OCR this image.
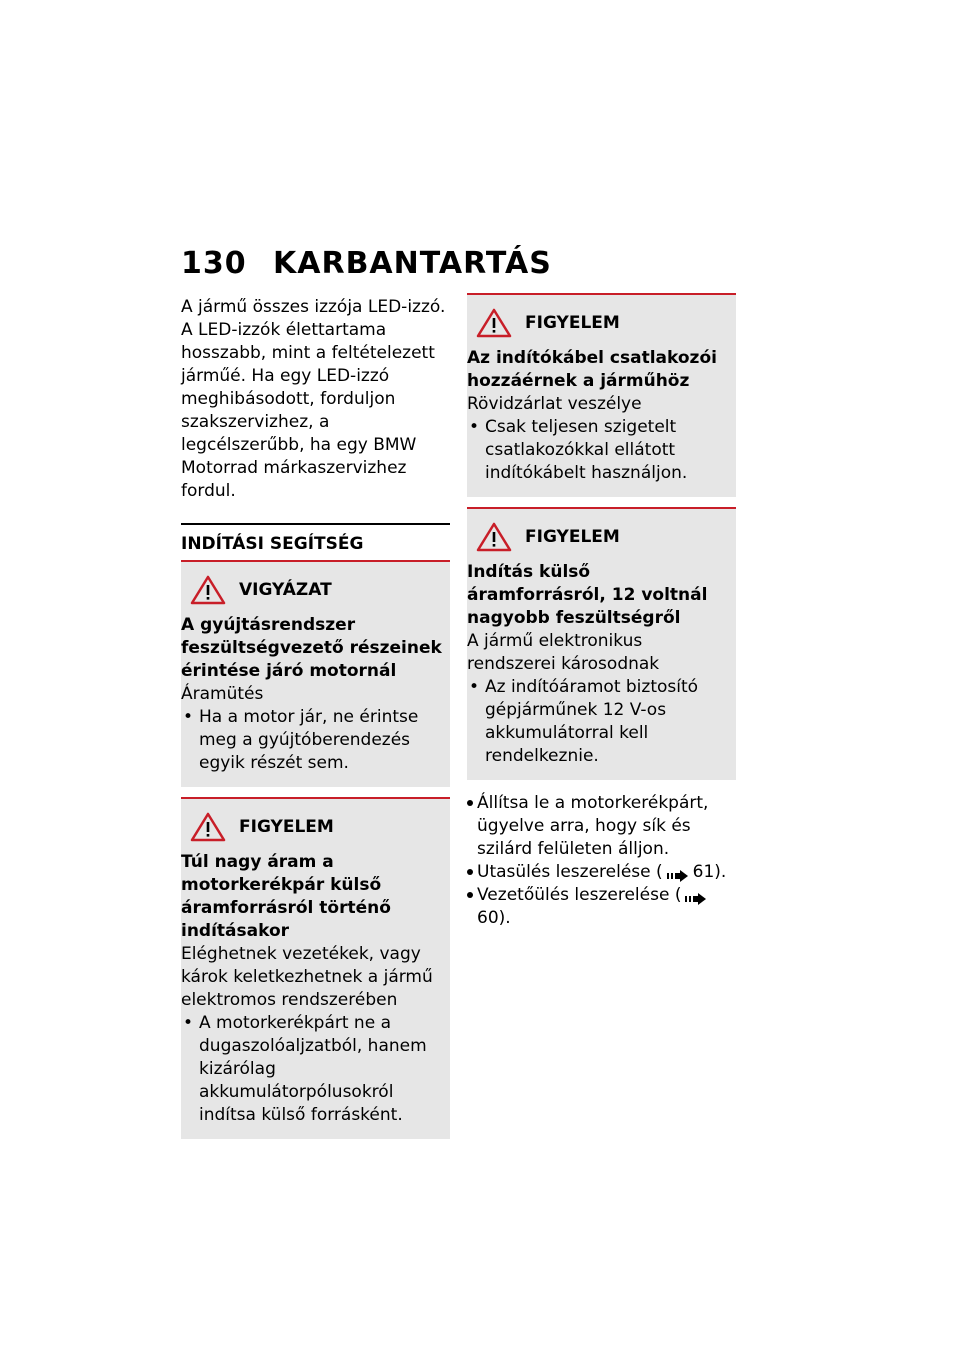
130 KARBANTARTÁS

A jármű összes izzója LED-izzó. A LED-izzók élettartama hosszabb, mint a feltételezett járműé. Ha egy LED-izzó meghibásodott, forduljon szakszervizhez, a legcélszerűbb, ha egy BMW Motorrad márkaszervizhez fordul.

INDÍTÁSI SEGÍTSÉG
VIGYÁZAT

A gyújtásrendszer feszültségvezető részeinek érintése járó motornál

Áramütés

• Ha a motor jár, ne érintse meg a gyújtóberendezés egyik részét sem.
FIGYELEM

Túl nagy áram a motorkerékpár külső áramforrásról történő indításakor

Eléghetnek vezetékek, vagy károk keletkezhetnek a jármű elektromos rendszerében

• A motorkerékpárt ne a dugaszolóaljzatból, hanem kizárólag akkumulátorpólusokról indítsa külső forrásként.
FIGYELEM

Az indítókábel csatlakozói hozzáérnek a járműhöz

Rövidzárlat veszélye

• Csak teljesen szigetelt csatlakozókkal ellátott indítókábelt használjon.
FIGYELEM

Indítás külső áramforrásról, 12 voltnál nagyobb feszültségről

A jármű elektronikus rendszerei károsodnak

• Az indítóáramot biztosító gépjárműnek 12 V-os akkumulátorral kell rendelkeznie.
Állítsa le a motorkerékpárt, ügyelve arra, hogy sík és szilárd felületen álljon.
Utasülés leszerelése ( 61).
Vezetőülés leszerelése (60).
